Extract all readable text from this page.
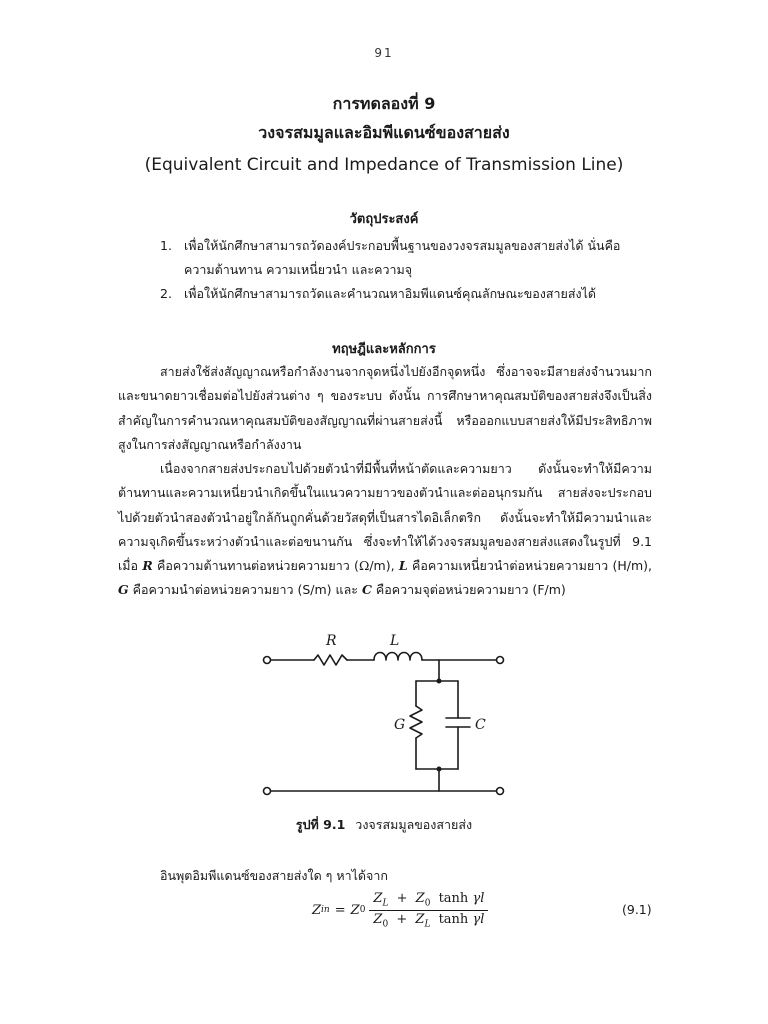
91
การทดลองที่ 9
วงจรสมมูลและอิมพีแดนซ์ของสายส่ง
(Equivalent Circuit and Impedance of Transmission Line)
วัตถุประสงค์
1. เพื่อให้นักศึกษาสามารถวัดองค์ประกอบพื้นฐานของวงจรสมมูลของสายส่งได้ นั่นคือ ความต้านทาน ความเหนี่ยวนำ และความจุ
2. เพื่อให้นักศึกษาสามารถวัดและคำนวณหาอิมพีแดนซ์คุณลักษณะของสายส่งได้
ทฤษฎีและหลักการ
สายส่งใช้ส่งสัญญาณหรือกำลังงานจากจุดหนึ่งไปยังอีกจุดหนึ่ง ซึ่งอาจจะมีสายส่งจำนวนมากและขนาดยาวเชื่อมต่อไปยังส่วนต่าง ๆ ของระบบ ดังนั้น การศึกษาหาคุณสมบัติของสายส่งจึงเป็นสิ่งสำคัญในการคำนวณหาคุณสมบัติของสัญญาณที่ผ่านสายส่งนี้ หรือออกแบบสายส่งให้มีประสิทธิภาพสูงในการส่งสัญญาณหรือกำลังงาน
เนื่องจากสายส่งประกอบไปด้วยตัวนำที่มีพื้นที่หน้าตัดและความยาว ดังนั้นจะทำให้มีความต้านทานและความเหนี่ยวนำเกิดขึ้นในแนวความยาวของตัวนำและต่ออนุกรมกัน สายส่งจะประกอบไปด้วยตัวนำสองตัวนำอยู่ใกล้กันถูกคั่นด้วยวัสดุที่เป็นสารไดอิเล็กตริก ดังนั้นจะทำให้มีความนำและความจุเกิดขึ้นระหว่างตัวนำและต่อขนานกัน ซึ่งจะทำให้ได้วงจรสมมูลของสายส่งแสดงในรูปที่ 9.1 เมื่อ R คือความต้านทานต่อหน่วยความยาว (Ω/m), L คือความเหนี่ยวนำต่อหน่วยความยาว (H/m), G คือความนำต่อหน่วยความยาว (S/m) และ C คือความจุต่อหน่วยความยาว (F/m)
R	L
G	C
รูปที่ 9.1 วงจรสมมูลของสายส่ง
อินพุตอิมพีแดนซ์ของสายส่งใด ๆ หาได้จาก
Z in = Z $0 \frac{Z_L + Z_0 \tanh \gamma l}{Z_0 + Z_L \tanh \gamma l}$	(9.1)
